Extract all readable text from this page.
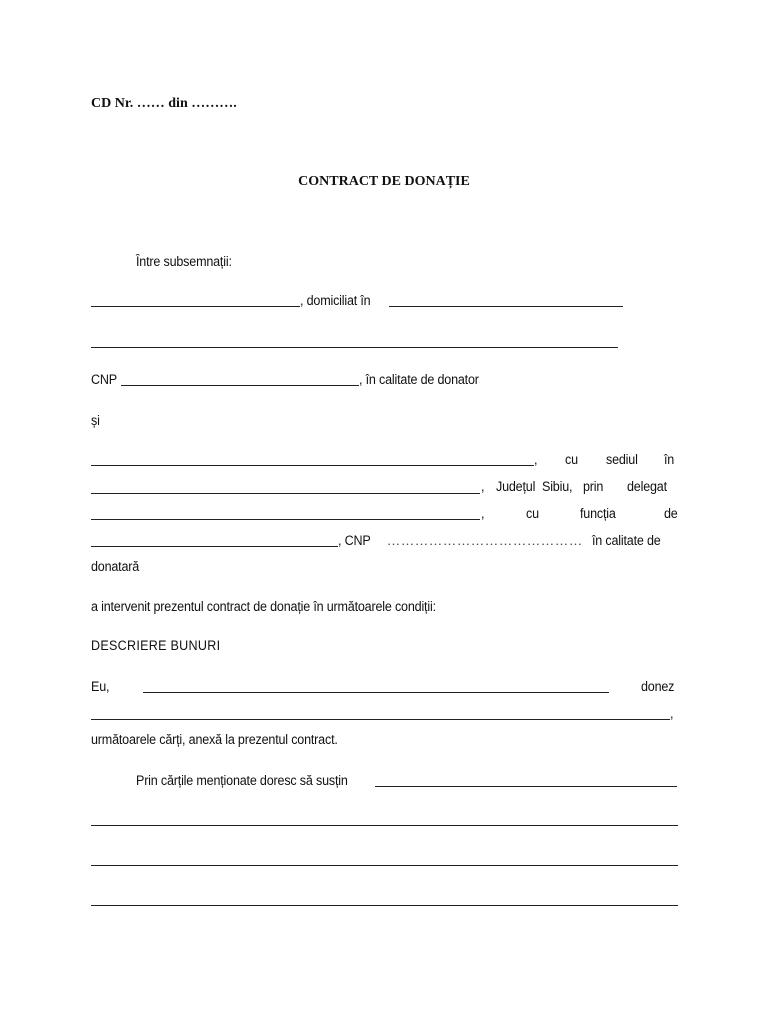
CD Nr. …… din ……….
CONTRACT DE DONAȚIE
Între subsemnații:
, domiciliat în
CNP	, în calitate de donator
și
, cu sediul în
, Județul Sibiu, prin delegat
,	cu	funcția	de
, CNP …………………………………… în calitate de
donatară
a intervenit prezentul contract de donație în următoarele condiții:
DESCRIERE BUNURI
Eu,	donez
,
următoarele cărți, anexă la prezentul contract.
Prin cărțile menționate doresc să susțin
